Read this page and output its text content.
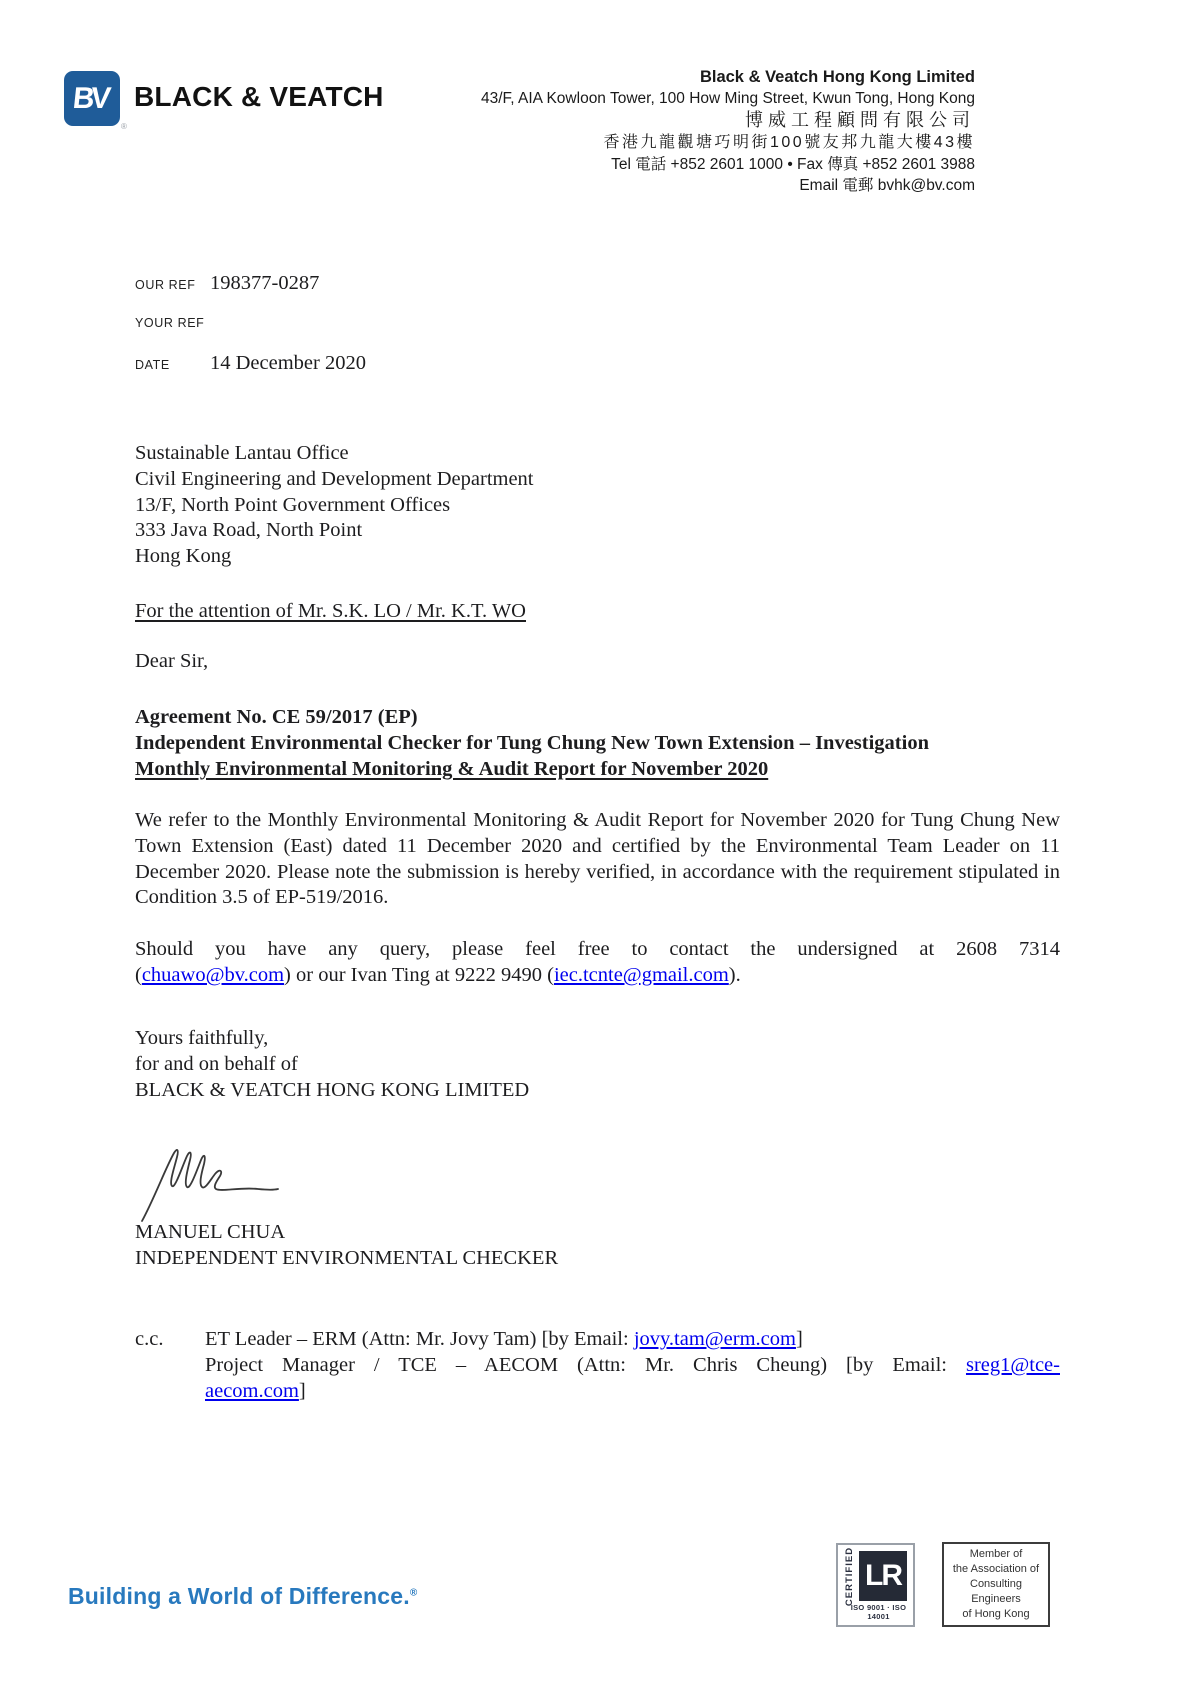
BV
®
BLACK & VEATCH
Black & Veatch Hong Kong Limited
43/F, AIA Kowloon Tower, 100 How Ming Street, Kwun Tong, Hong Kong
博威工程顧問有限公司
香港九龍觀塘巧明街100號友邦九龍大樓43樓
Tel 電話 +852 2601 1000 • Fax 傳真 +852 2601 3988
Email 電郵 bvhk@bv.com
OUR REF 198377-0287
YOUR REF
DATE	14 December 2020
Sustainable Lantau Office
Civil Engineering and Development Department
13/F, North Point Government Offices
333 Java Road, North Point
Hong Kong
For the attention of Mr. S.K. LO / Mr. K.T. WO
Dear Sir,
Agreement No. CE 59/2017 (EP)
Independent Environmental Checker for Tung Chung New Town Extension – Investigation
Monthly Environmental Monitoring & Audit Report for November 2020
We refer to the Monthly Environmental Monitoring & Audit Report for November 2020 for Tung Chung New Town Extension (East) dated 11 December 2020 and certified by the Environmental Team Leader on 11 December 2020. Please note the submission is hereby verified, in accordance with the requirement stipulated in Condition 3.5 of EP-519/2016.
Should you have any query, please feel free to contact the undersigned at 2608 7314
(chuawo@bv.com) or our Ivan Ting at 9222 9490 (iec.tcnte@gmail.com).
Yours faithfully,
for and on behalf of
BLACK & VEATCH HONG KONG LIMITED
MANUEL CHUA
INDEPENDENT ENVIRONMENTAL CHECKER
c.c.	ET Leader – ERM (Attn: Mr. Jovy Tam) [by Email: jovy.tam@erm.com]
Project Manager / TCE – AECOM (Attn: Mr. Chris Cheung) [by Email: sreg1@tce-
aecom.com]
Building a World of Difference.®	CERTIFIED LR
ISO 9001 · ISO 14001
Member of
the Association of
Consulting Engineers
of Hong Kong
